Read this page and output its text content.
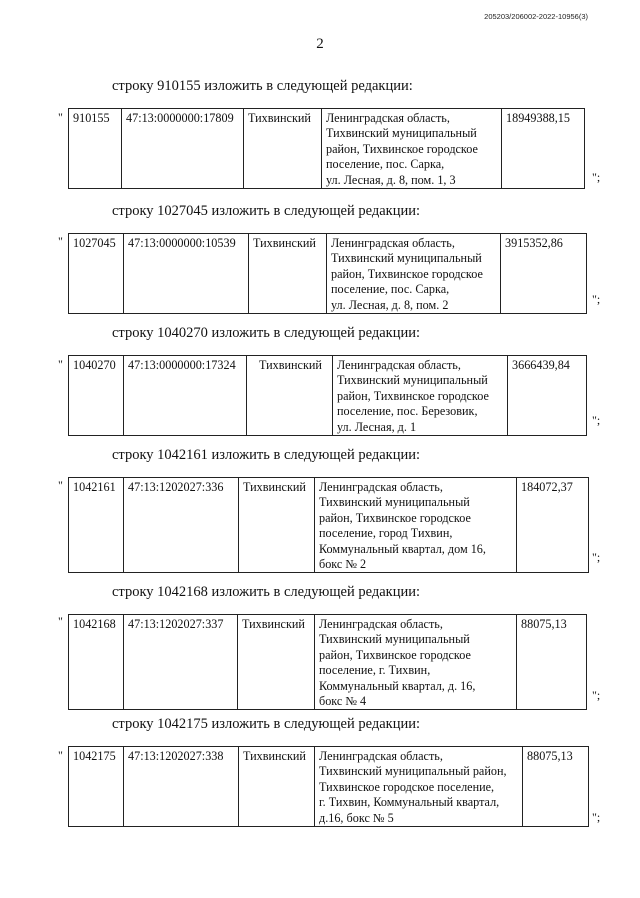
205203/206002-2022-10956(3)
2
строку 910155 изложить в следующей редакции:
" 910155	47:13:0000000:17809	Тихвинский	Ленинградская область,
Тихвинский муниципальный
район, Тихвинское городское
поселение, пос. Сарка,
ул. Лесная, д. 8, пом. 1, 3
	18949388,15
";
строку 1027045 изложить в следующей редакции:
" 1027045	47:13:0000000:10539	Тихвинский	Ленинградская область,
Тихвинский муниципальный
район, Тихвинское городское
поселение, пос. Сарка,
ул. Лесная, д. 8, пом. 2
	3915352,86
";
строку 1040270 изложить в следующей редакции:
" 1040270	47:13:0000000:17324	Тихвинский	Ленинградская область,
Тихвинский муниципальный
район, Тихвинское городское
поселение, пос. Березовик,
ул. Лесная, д. 1
	3666439,84
";
строку 1042161 изложить в следующей редакции:
" 1042161	47:13:1202027:336	Тихвинский	Ленинградская область,
Тихвинский муниципальный
район, Тихвинское городское
поселение, город Тихвин,
Коммунальный квартал, дом 16,
бокс № 2
	184072,37
";
строку 1042168 изложить в следующей редакции:
" 1042168	47:13:1202027:337	Тихвинский	Ленинградская область,
Тихвинский муниципальный
район, Тихвинское городское
поселение, г. Тихвин,
Коммунальный квартал, д. 16,
бокс № 4
	88075,13
";
строку 1042175 изложить в следующей редакции:
" 1042175	47:13:1202027:338	Тихвинский	Ленинградская область,
Тихвинский муниципальный район,
Тихвинское городское поселение,
г. Тихвин, Коммунальный квартал,
д.16, бокс № 5
	88075,13
";
